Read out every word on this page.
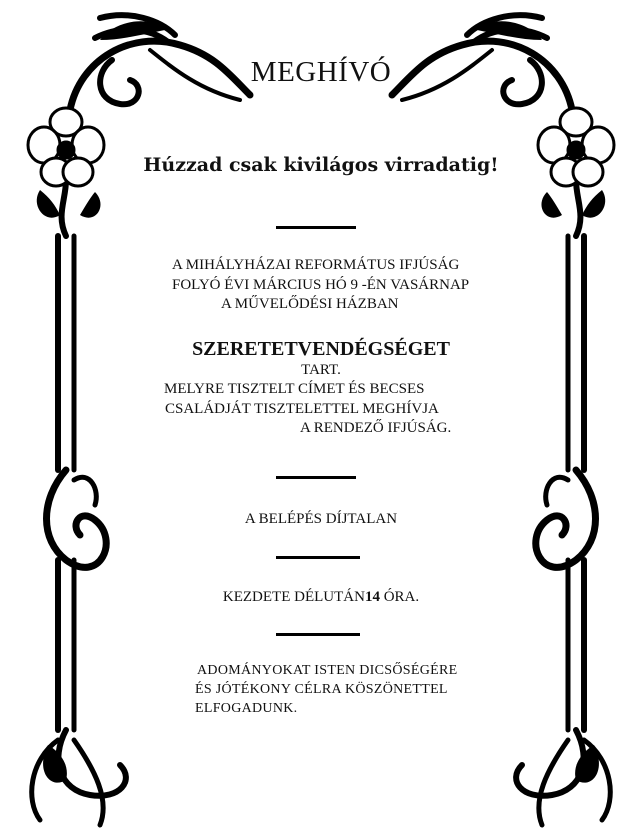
MEGHÍVÓ
Húzzad csak kivilágos virradatig!
A MIHÁLYHÁZAI REFORMÁTUS IFJÚSÁG
FOLYÓ ÉVI MÁRCIUS HÓ 9 -ÉN VASÁRNAP
A MŰVELŐDÉSI HÁZBAN
SZERETETVENDÉGSÉGET
TART.
MELYRE TISZTELT CÍMET ÉS BECSES
CSALÁDJÁT TISZTELETTEL MEGHÍVJA
A RENDEZŐ IFJÚSÁG.
A BELÉPÉS DÍJTALAN
KEZDETE DÉLUTÁN14 ÓRA.
ADOMÁNYOKAT ISTEN DICSŐSÉGÉRE
ÉS JÓTÉKONY CÉLRA KÖSZÖNETTEL
ELFOGADUNK.
